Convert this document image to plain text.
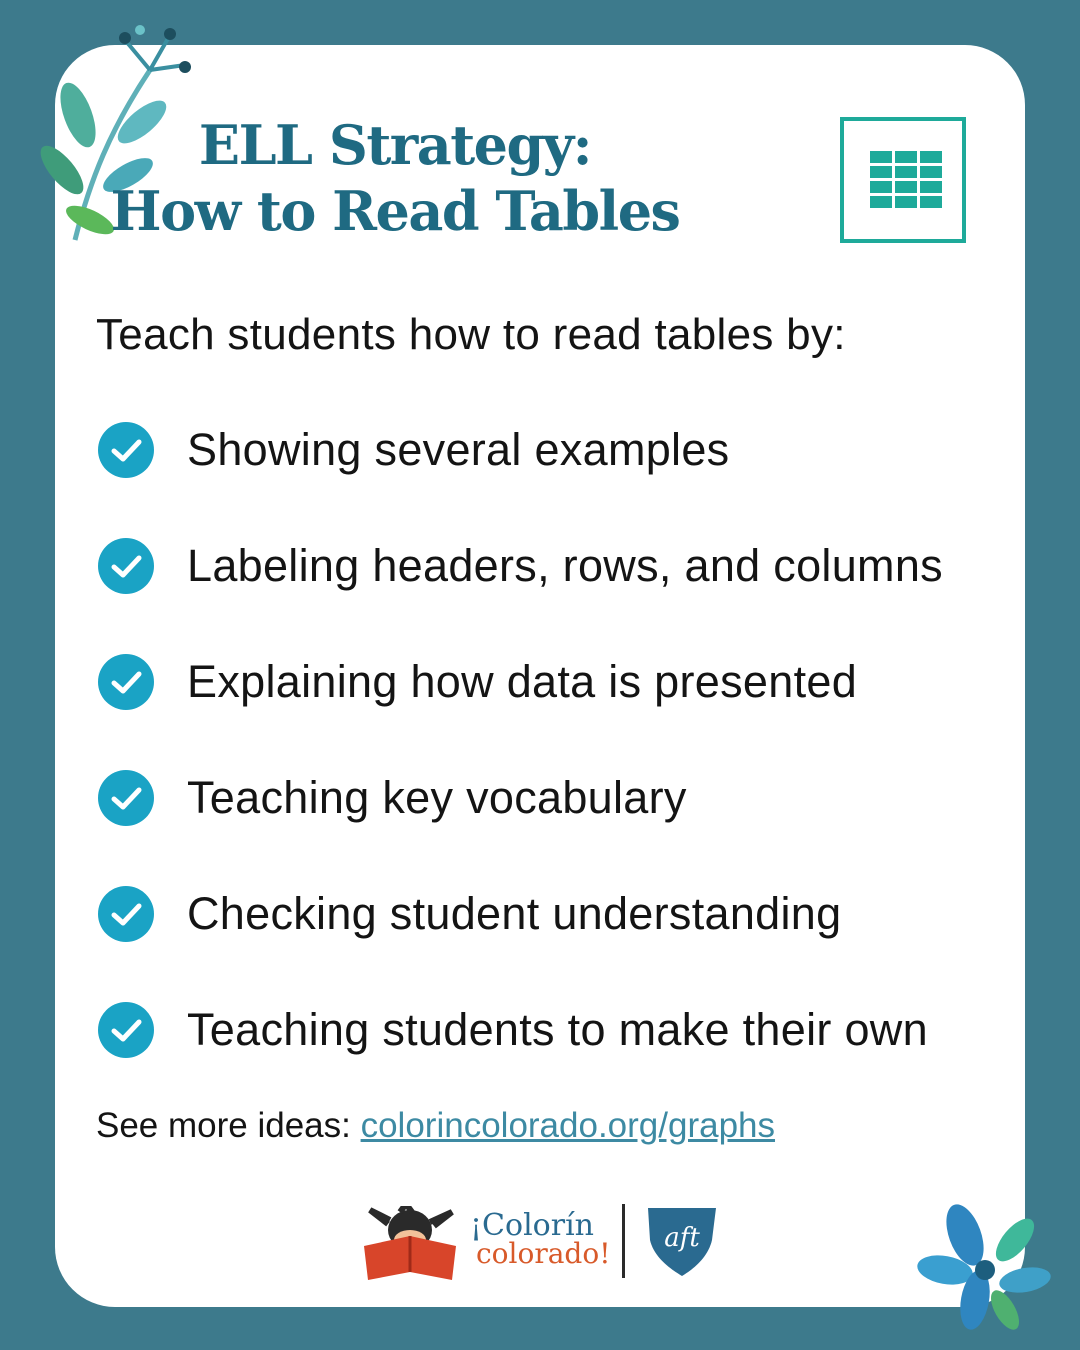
ELL Strategy:
How to Read Tables
Teach students how to read tables by:
Showing several examples
Labeling headers, rows, and columns
Explaining how data is presented
Teaching key vocabulary
Checking student understanding
Teaching students to make their own
See more ideas: colorincolorado.org/graphs
¡Colorín
colorado! aft
